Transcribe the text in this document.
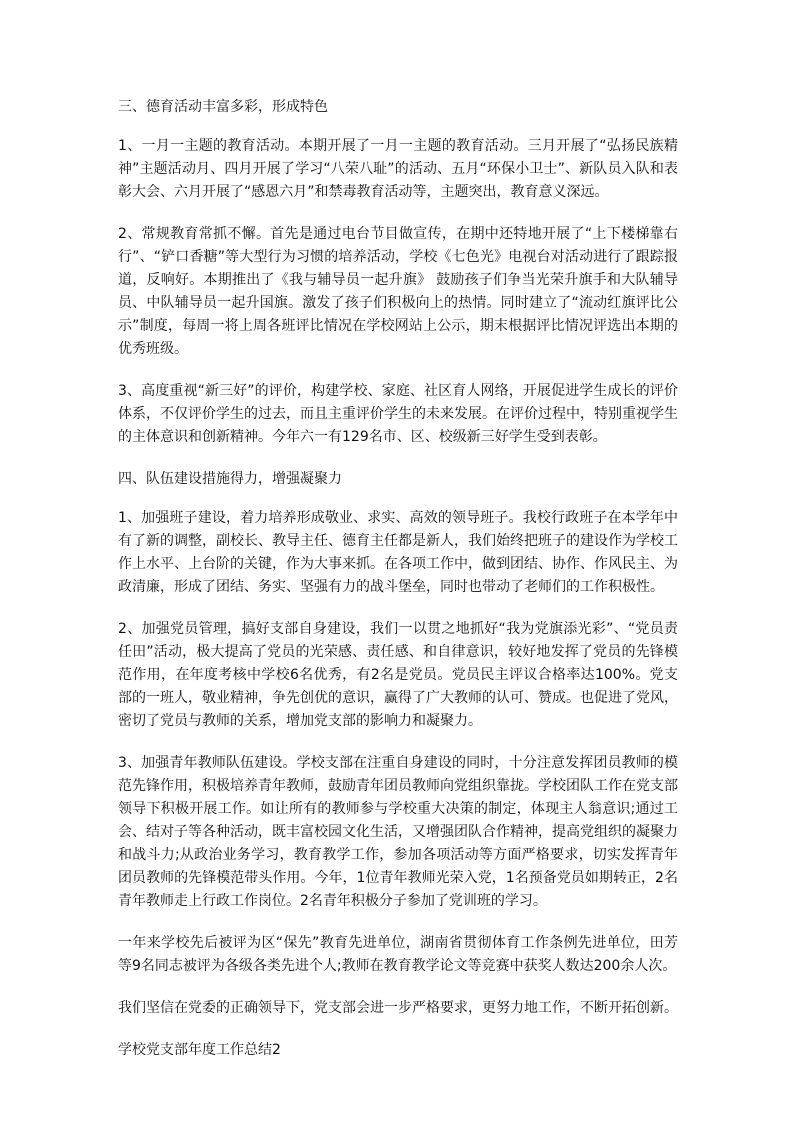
三、德育活动丰富多彩，形成特色

1、一月一主题的教育活动。本期开展了一月一主题的教育活动。三月开展了“弘扬民族精神”主题活动月、四月开展了学习“八荣八耻”的活动、五月“环保小卫士”、新队员入队和表彰大会、六月开展了“感恩六月”和禁毒教育活动等，主题突出，教育意义深远。

2、常规教育常抓不懈。首先是通过电台节目做宣传，在期中还特地开展了“上下楼梯靠右行”、“铲口香糖”等大型行为习惯的培养活动，学校《七色光》电视台对活动进行了跟踪报道，反响好。本期推出了《我与辅导员一起升旗》 鼓励孩子们争当光荣升旗手和大队辅导员、中队辅导员一起升国旗。激发了孩子们积极向上的热情。同时建立了“流动红旗评比公示”制度，每周一将上周各班评比情况在学校网站上公示，期末根据评比情况评选出本期的优秀班级。

3、高度重视“新三好”的评价，构建学校、家庭、社区育人网络，开展促进学生成长的评价体系，不仅评价学生的过去，而且主重评价学生的未来发展。在评价过程中，特别重视学生的主体意识和创新精神。今年六一有129名市、区、校级新三好学生受到表彰。

四、队伍建设措施得力，增强凝聚力

1、加强班子建设，着力培养形成敬业、求实、高效的领导班子。我校行政班子在本学年中有了新的调整，副校长、教导主任、德育主任都是新人，我们始终把班子的建设作为学校工作上水平、上台阶的关键，作为大事来抓。在各项工作中，做到团结、协作、作风民主、为政清廉，形成了团结、务实、坚强有力的战斗堡垒，同时也带动了老师们的工作积极性。

2、加强党员管理，搞好支部自身建设，我们一以贯之地抓好“我为党旗添光彩”、“党员责任田”活动，极大提高了党员的光荣感、责任感、和自律意识，较好地发挥了党员的先锋模范作用，在年度考核中学校6名优秀，有2名是党员。党员民主评议合格率达100%。党支部的一班人，敬业精神，争先创优的意识，赢得了广大教师的认可、赞成。也促进了党风，密切了党员与教师的关系，增加党支部的影响力和凝聚力。

3、加强青年教师队伍建设。学校支部在注重自身建设的同时，十分注意发挥团员教师的模范先锋作用，积极培养青年教师，鼓励青年团员教师向党组织靠拢。学校团队工作在党支部领导下积极开展工作。如让所有的教师参与学校重大决策的制定，体现主人翁意识;通过工会、结对子等各种活动，既丰富校园文化生活，又增强团队合作精神，提高党组织的凝聚力和战斗力;从政治业务学习，教育教学工作，参加各项活动等方面严格要求，切实发挥青年团员教师的先锋模范带头作用。今年，1位青年教师光荣入党，1名预备党员如期转正，2名青年教师走上行政工作岗位。2名青年积极分子参加了党训班的学习。

一年来学校先后被评为区“保先”教育先进单位，湖南省贯彻体育工作条例先进单位，田芳等9名同志被评为各级各类先进个人;教师在教育教学论文等竞赛中获奖人数达200余人次。

我们坚信在党委的正确领导下，党支部会进一步严格要求，更努力地工作，不断开拓创新。

学校党支部年度工作总结2
